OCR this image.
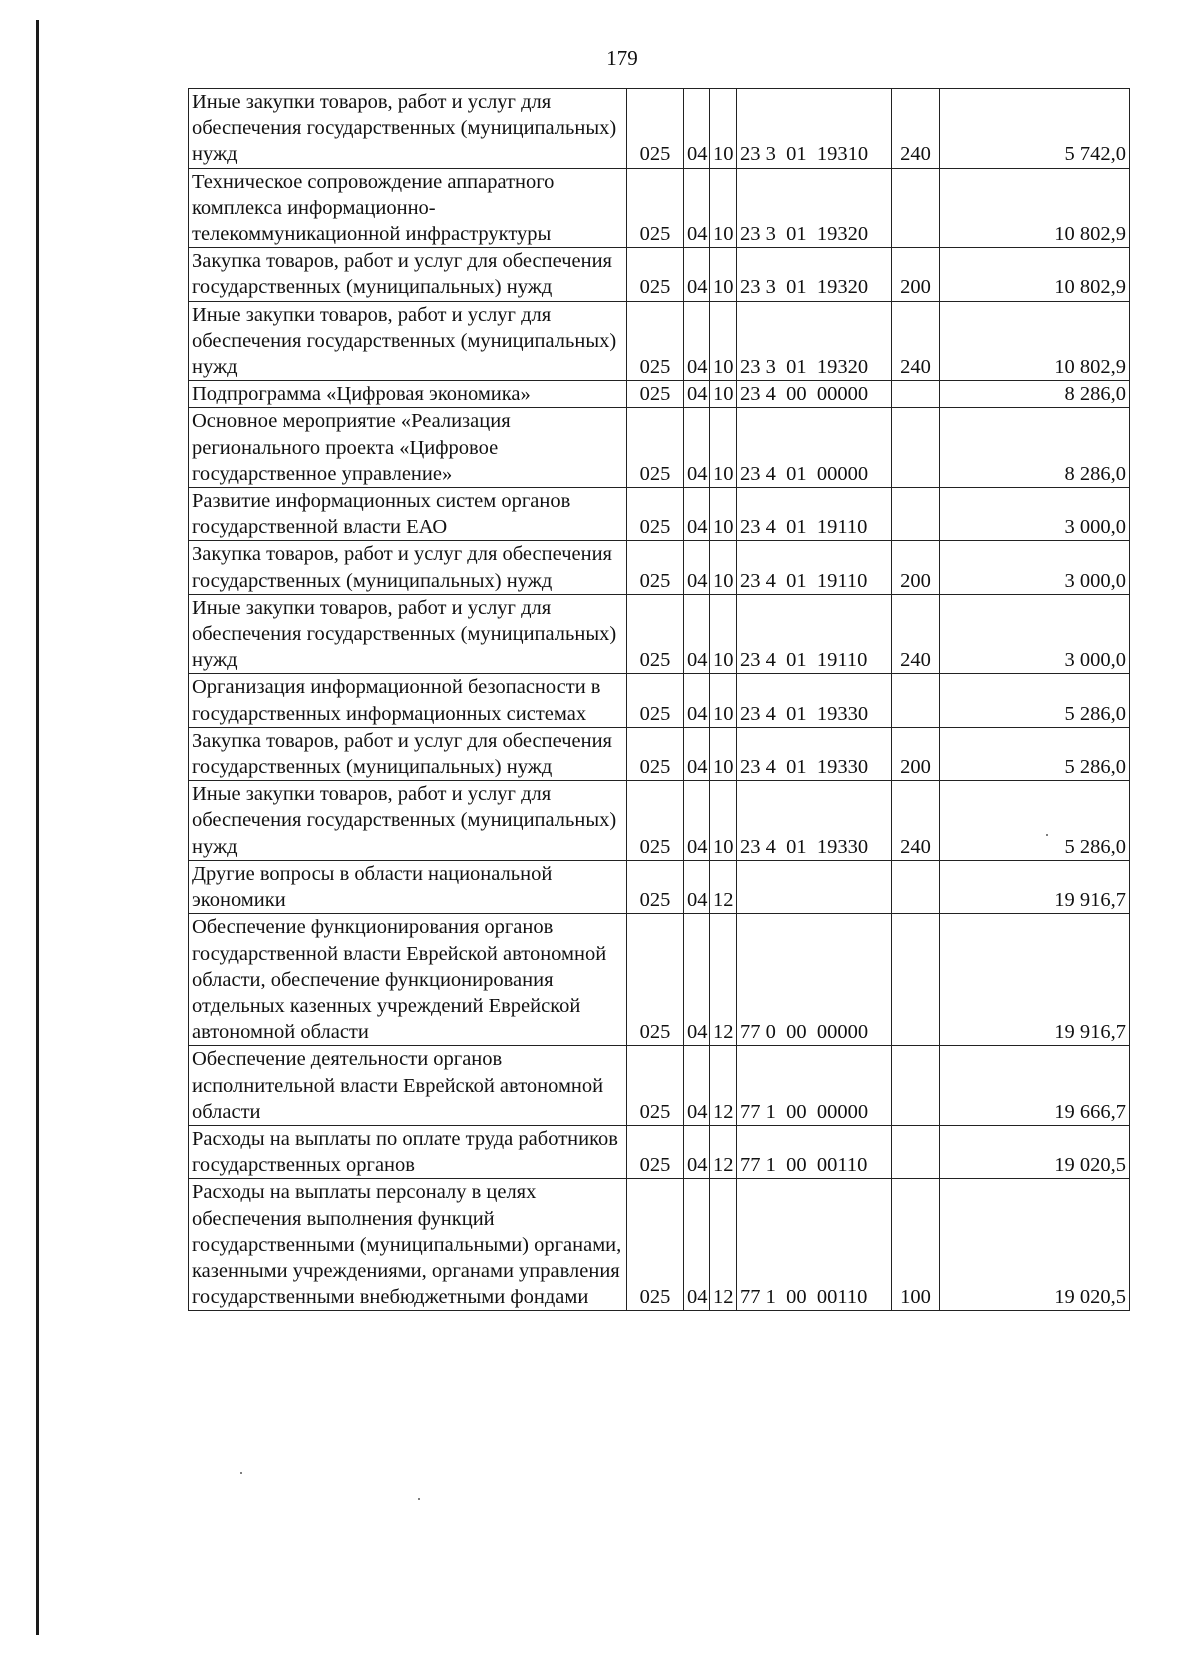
179
Иные закупки товаров, работ и услуг для обеспечения государственных (муниципальных) нужд	025	04	10	23 3  01  19310	240	5 742,0
Техническое сопровождение аппаратного комплекса информационно-телекоммуникационной инфраструктуры	025	04	10	23 3  01  19320		10 802,9
Закупка товаров, работ и услуг для обеспечения государственных (муниципальных) нужд	025	04	10	23 3  01  19320	200	10 802,9
Иные закупки товаров, работ и услуг для обеспечения государственных (муниципальных) нужд	025	04	10	23 3  01  19320	240	10 802,9
Подпрограмма «Цифровая экономика»	025	04	10	23 4  00  00000		8 286,0
Основное мероприятие «Реализация регионального проекта «Цифровое государственное управление»	025	04	10	23 4  01  00000		8 286,0
Развитие информационных систем органов государственной власти ЕАО	025	04	10	23 4  01  19110		3 000,0
Закупка товаров, работ и услуг для обеспечения государственных (муниципальных) нужд	025	04	10	23 4  01  19110	200	3 000,0
Иные закупки товаров, работ и услуг для обеспечения государственных (муниципальных) нужд	025	04	10	23 4  01  19110	240	3 000,0
Организация информационной безопасности в государственных информационных системах	025	04	10	23 4  01  19330		5 286,0
Закупка товаров, работ и услуг для обеспечения государственных (муниципальных) нужд	025	04	10	23 4  01  19330	200	5 286,0
Иные закупки товаров, работ и услуг для обеспечения государственных (муниципальных) нужд	025	04	10	23 4  01  19330	240	5 286,0
Другие вопросы в области национальной экономики	025	04	12			19 916,7
Обеспечение функционирования органов государственной власти Еврейской автономной области, обеспечение функционирования отдельных казенных учреждений Еврейской автономной области	025	04	12	77 0  00  00000		19 916,7
Обеспечение деятельности органов исполнительной власти Еврейской автономной области	025	04	12	77 1  00  00000		19 666,7
Расходы на выплаты по оплате труда работников государственных органов	025	04	12	77 1  00  00110		19 020,5
Расходы на выплаты персоналу в целях обеспечения выполнения функций государственными (муниципальными) органами, казенными учреждениями, органами управления государственными внебюджетными фондами	025	04	12	77 1  00  00110	100	19 020,5
